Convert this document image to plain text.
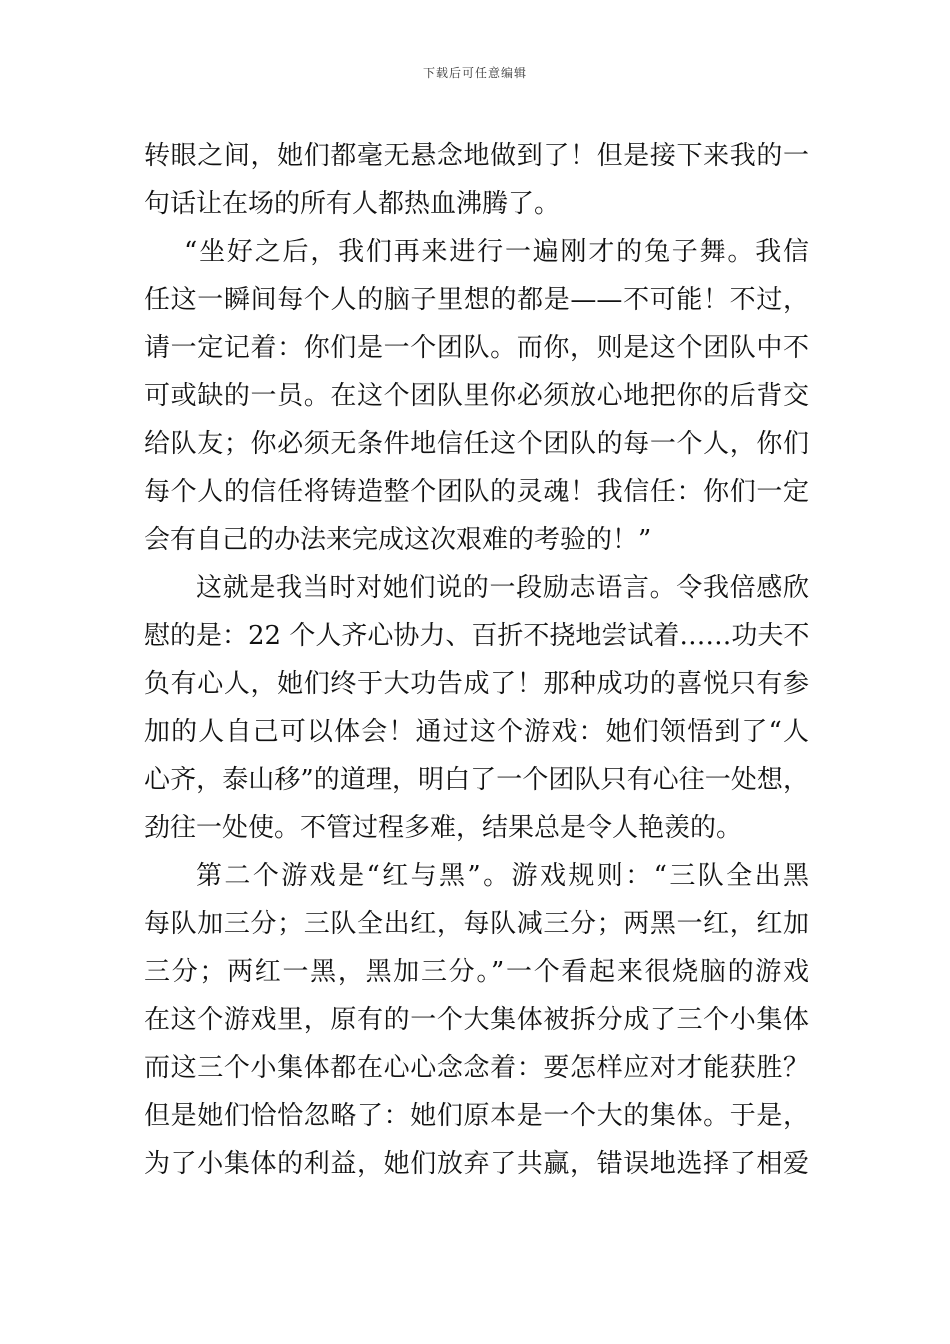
下载后可任意编辑
转眼之间，她们都毫无悬念地做到了！但是接下来我的一
句话让在场的所有人都热血沸腾了。
“坐好之后，我们再来进行一遍刚才的兔子舞。我信
任这一瞬间每个人的脑子里想的都是——不可能！不过，
请一定记着：你们是一个团队。而你，则是这个团队中不
可或缺的一员。在这个团队里你必须放心地把你的后背交
给队友；你必须无条件地信任这个团队的每一个人，你们
每个人的信任将铸造整个团队的灵魂！我信任：你们一定
会有自己的办法来完成这次艰难的考验的！”
这就是我当时对她们说的一段励志语言。令我倍感欣
慰的是：22 个人齐心协力、百折不挠地尝试着……功夫不
负有心人，她们终于大功告成了！那种成功的喜悦只有参
加的人自己可以体会！通过这个游戏：她们领悟到了“人
心齐，泰山移”的道理，明白了一个团队只有心往一处想，
劲往一处使。不管过程多难，结果总是令人艳羡的。
第二个游戏是“红与黑”。游戏规则：“三队全出黑
每队加三分；三队全出红，每队减三分；两黑一红，红加
三分；两红一黑，黑加三分。”一个看起来很烧脑的游戏
在这个游戏里，原有的一个大集体被拆分成了三个小集体
而这三个小集体都在心心念念着：要怎样应对才能获胜？
但是她们恰恰忽略了：她们原本是一个大的集体。于是，
为了小集体的利益，她们放弃了共赢，错误地选择了相爱
